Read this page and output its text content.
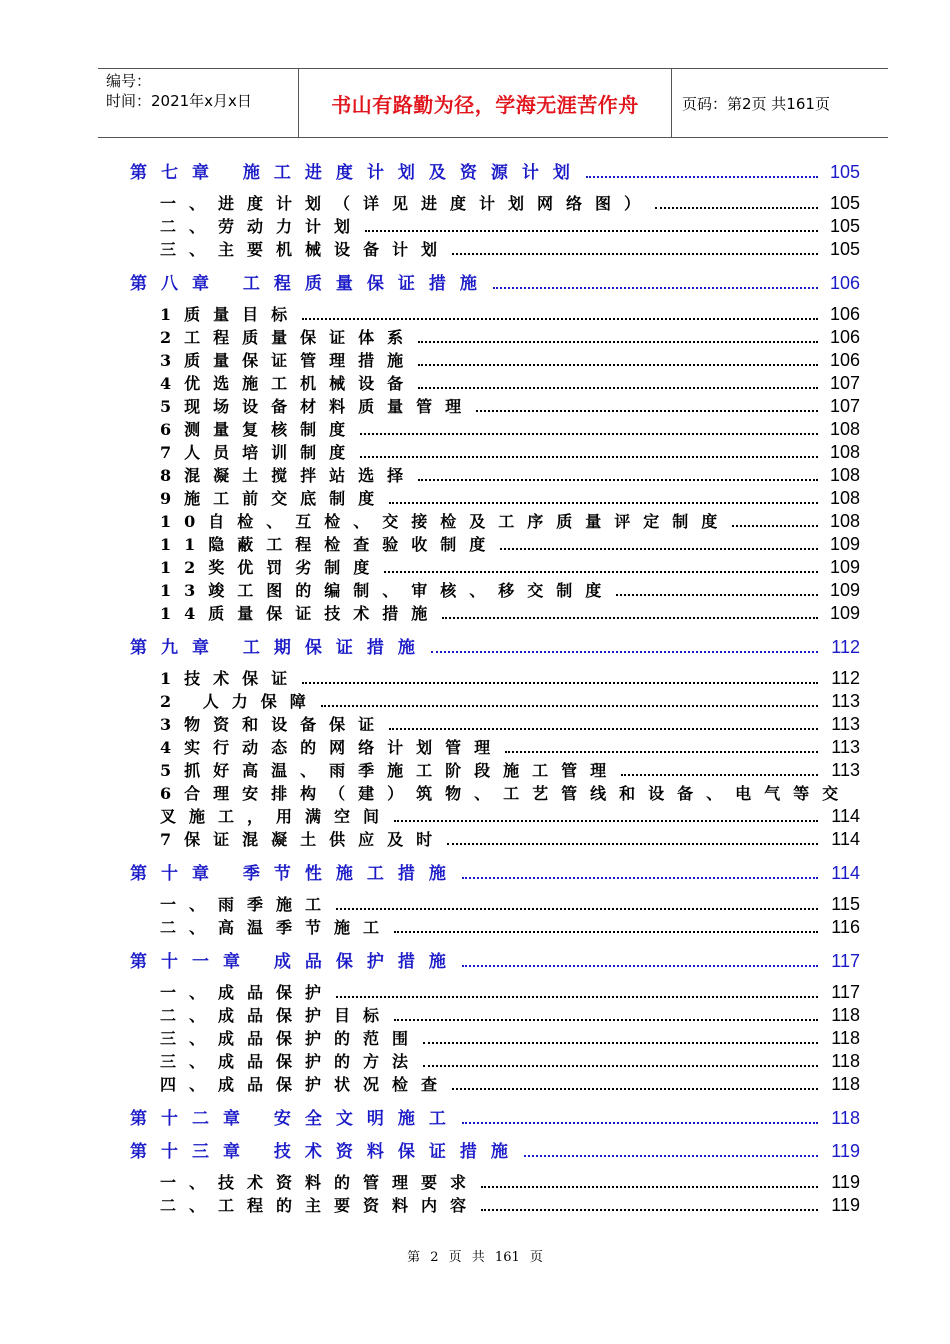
编号：
时间：2021年x月x日	书山有路勤为径，学海无涯苦作舟	页码：第2页 共161页
第七章 施工进度计划及资源计划	105
一、进度计划（详见进度计划网络图）	105
二、劳动力计划	105
三、主要机械设备计划	105
第八章 工程质量保证措施	106
1质量目标	106
2工程质量保证体系	106
3质量保证管理措施	106
4优选施工机械设备	107
5现场设备材料质量管理	107
6测量复核制度	108
7人员培训制度	108
8混凝土搅拌站选择	108
9施工前交底制度	108
10自检、互检、交接检及工序质量评定制度	108
11隐蔽工程检查验收制度	109
12奖优罚劣制度	109
13竣工图的编制、审核、移交制度	109
14质量保证技术措施	109
第九章 工期保证措施	112
1技术保证	112
2 人力保障	113
3物资和设备保证	113
4实行动态的网络计划管理	113
5抓好高温、雨季施工阶段施工管理	113
6合理安排构（建）筑物、工艺管线和设备、电气等交
叉施工，用满空间	114
7保证混凝土供应及时	114
第十章 季节性施工措施	114
一、雨季施工	115
二、高温季节施工	116
第十一章 成品保护措施	117
一、成品保护	117
二、成品保护目标	118
三、成品保护的范围	118
三、成品保护的方法	118
四、成品保护状况检查	118
第十二章 安全文明施工	118
第十三章 技术资料保证措施	119
一、技术资料的管理要求	119
二、工程的主要资料内容	119
第 2 页 共 161 页
